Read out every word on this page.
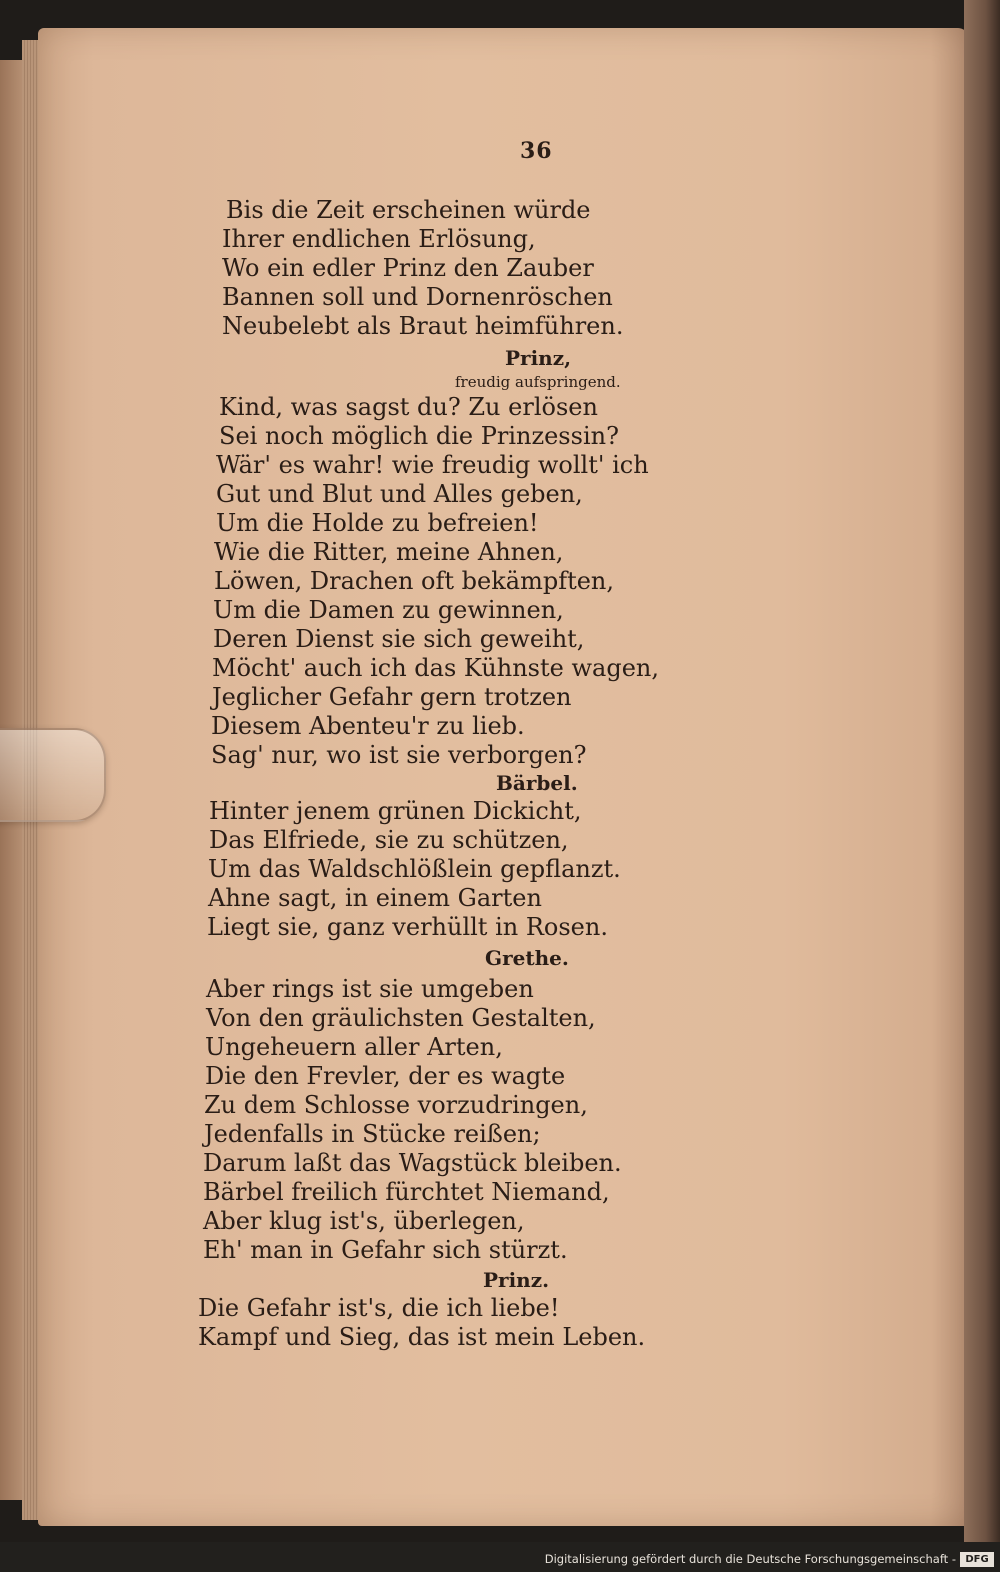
36
Bis die Zeit erscheinen würde
Ihrer endlichen Erlösung,
Wo ein edler Prinz den Zauber
Bannen soll und Dornenröschen
Neubelebt als Braut heimführen.
Prinz,
freudig aufspringend.
Kind, was sagst du? Zu erlösen
Sei noch möglich die Prinzessin?
Wär' es wahr! wie freudig wollt' ich
Gut und Blut und Alles geben,
Um die Holde zu befreien!
Wie die Ritter, meine Ahnen,
Löwen, Drachen oft bekämpften,
Um die Damen zu gewinnen,
Deren Dienst sie sich geweiht,
Möcht' auch ich das Kühnste wagen,
Jeglicher Gefahr gern trotzen
Diesem Abenteu'r zu lieb.
Sag' nur, wo ist sie verborgen?
Bärbel.
Hinter jenem grünen Dickicht,
Das Elfriede, sie zu schützen,
Um das Waldschlößlein gepflanzt.
Ahne sagt, in einem Garten
Liegt sie, ganz verhüllt in Rosen.
Grethe.
Aber rings ist sie umgeben
Von den gräulichsten Gestalten,
Ungeheuern aller Arten,
Die den Frevler, der es wagte
Zu dem Schlosse vorzudringen,
Jedenfalls in Stücke reißen;
Darum laßt das Wagstück bleiben.
Bärbel freilich fürchtet Niemand,
Aber klug ist's, überlegen,
Eh' man in Gefahr sich stürzt.
Prinz.
Die Gefahr ist's, die ich liebe!
Kampf und Sieg, das ist mein Leben.
Digitalisierung gefördert durch die Deutsche Forschungsgemeinschaft - DFG
